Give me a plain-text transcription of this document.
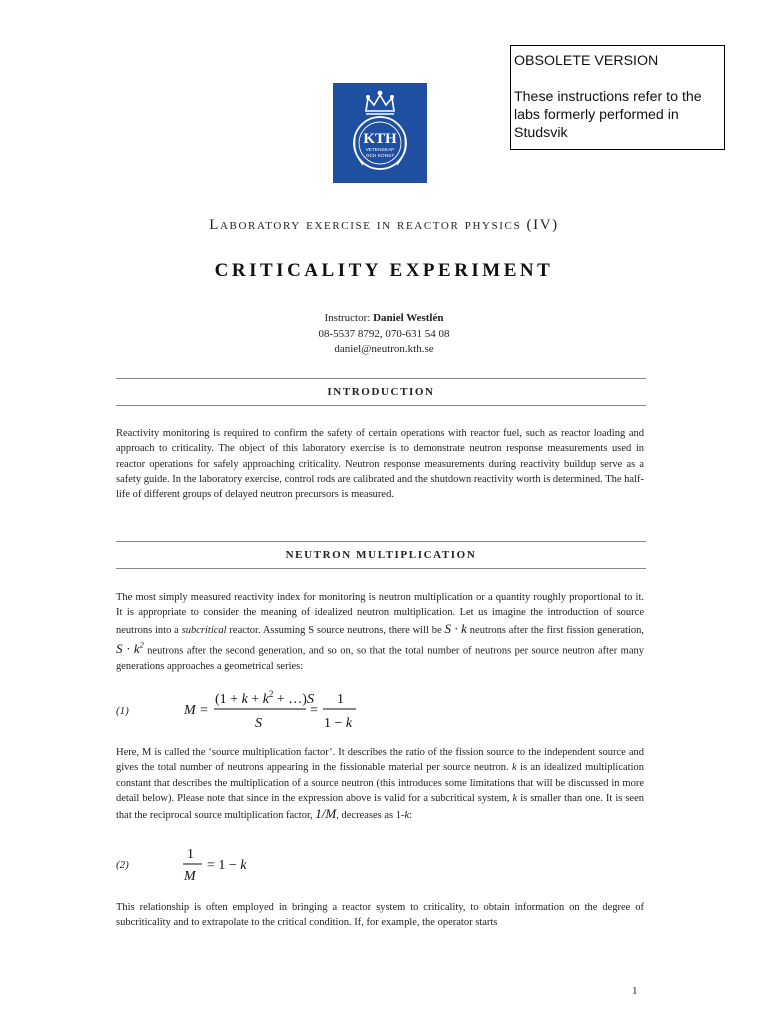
OBSOLETE VERSION
These instructions refer to the labs formerly performed in Studsvik
KTH
VETENSKAP
OCH KONST
Laboratory exercise in reactor physics (IV)
CRITICALITY EXPERIMENT
Instructor: Daniel Westlén
08-5537 8792, 070-631 54 08
daniel@neutron.kth.se
INTRODUCTION

Reactivity monitoring is required to confirm the safety of certain operations with reactor fuel, such as reactor loading and approach to criticality. The object of this laboratory exercise is to demonstrate neutron response measurements used in reactor operations for safely approaching criticality. Neutron response measurements during reactivity buildup serve as a safety guide. In the laboratory exercise, control rods are calibrated and the shutdown reactivity worth is determined. The half-life of different groups of delayed neutron precursors is measured.

NEUTRON MULTIPLICATION

The most simply measured reactivity index for monitoring is neutron multiplication or a quantity roughly proportional to it. It is appropriate to consider the meaning of idealized neutron multiplication. Let us imagine the introduction of source neutrons into a subcritical reactor. Assuming S source neutrons, there will be S · k neutrons after the first fission generation, $S \cdot k^2$ neutrons after the second generation, and so on, so that the total number of neutrons per source neutron after many generations approaches a geometrical series:

(1)	M =
($1 + k + k^2$ + …)S
S
=
1
1 − k

Here, M is called the ‘source multiplication factor’. It describes the ratio of the fission source to the independent source and gives the total number of neutrons appearing in the fissionable material per source neutron. k is an idealized multiplication constant that describes the multiplication of a source neutron (this introduces some limitations that will be discussed in more detail below). Please note that since in the expression above is valid for a subcritical system, k is smaller than one. It is seen that the reciprocal source multiplication factor, 1/M, decreases as 1-k:

(2)
1
M
= 1 − k

This relationship is often employed in bringing a reactor system to criticality, to obtain information on the degree of subcriticality and to extrapolate to the critical condition. If, for example, the operator starts

1
